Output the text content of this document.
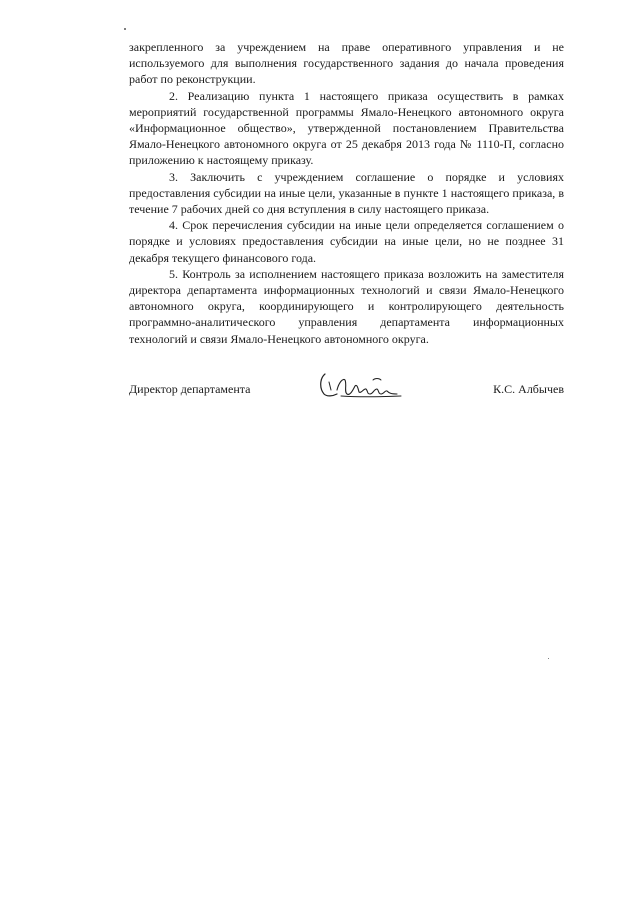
закрепленного за учреждением на праве оперативного управления и не используемого для выполнения государственного задания до начала проведения работ по реконструкции.

2. Реализацию пункта 1 настоящего приказа осуществить в рамках мероприятий государственной программы Ямало-Ненецкого автономного округа «Информационное общество», утвержденной постановлением Правительства Ямало-Ненецкого автономного округа от 25 декабря 2013 года № 1110-П, согласно приложению к настоящему приказу.

3. Заключить с учреждением соглашение о порядке и условиях предоставления субсидии на иные цели, указанные в пункте 1 настоящего приказа, в течение 7 рабочих дней со дня вступления в силу настоящего приказа.

4. Срок перечисления субсидии на иные цели определяется соглашением о порядке и условиях предоставления субсидии на иные цели, но не позднее 31 декабря текущего финансового года.

5. Контроль за исполнением настоящего приказа возложить на заместителя директора департамента информационных технологий и связи Ямало-Ненецкого автономного округа, координирующего и контролирующего деятельность программно-аналитического управления департамента информационных технологий и связи Ямало-Ненецкого автономного округа.

Директор департамента	К.С. Албычев
